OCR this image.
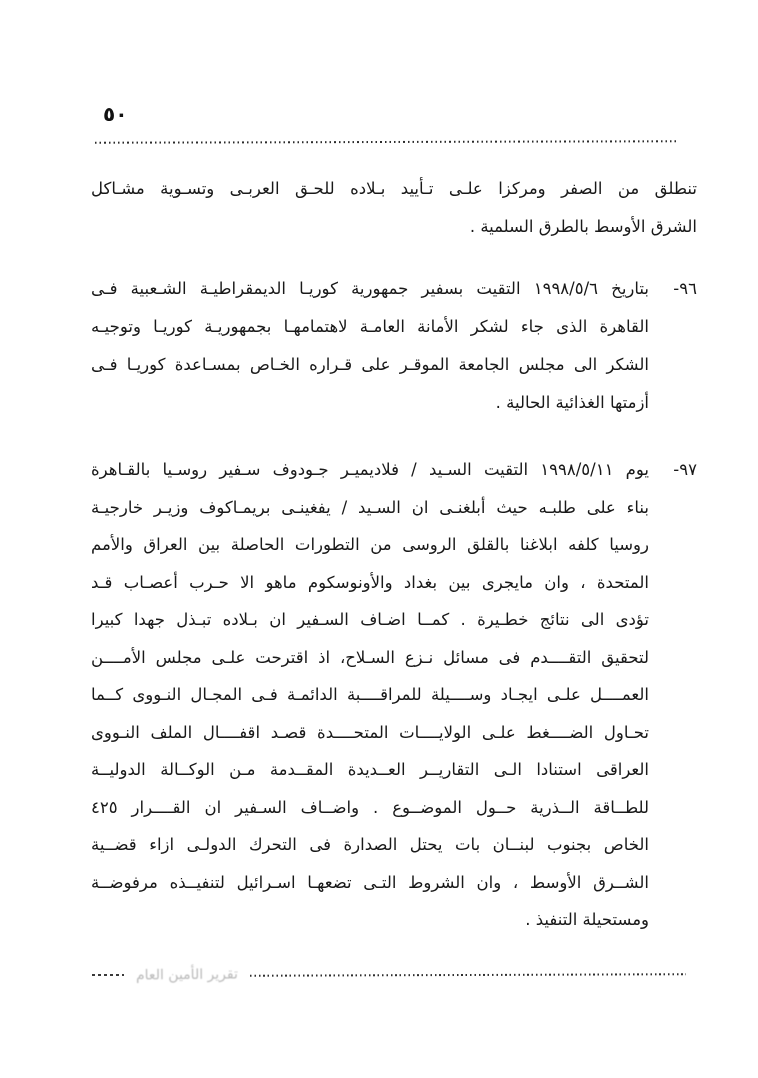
٥٠
تنطلق من الصفر ومركزا علـى تـأييد بـلاده للحـق العربـى وتسـوية مشـاكل
الشرق الأوسط بالطرق السلمية .
٩٦-
بتاريخ ١٩٩٨/٥/٦ التقيت بسفير جمهورية كوريـا الديمقراطيـة الشـعبية فـى
القاهرة الذى جاء لشكر الأمانة العامـة لاهتمامهـا بجمهوريـة كوريـا وتوجيـه
الشكر الى مجلس الجامعة الموقـر على قـراره الخـاص بمسـاعدة كوريـا فـى
أزمتها الغذائية الحالية .
٩٧-
يوم ١٩٩٨/٥/١١ التقيت السـيد / فلاديميـر جـودوف سـفير روسـيا بالقـاهرة
بناء على طلبـه حيث أبلغنـى ان السـيد / يفغينـى بريمـاكوف وزيـر خارجيـة
روسيا كلفه ابلاغنا بالقلق الروسى من التطورات الحاصلة بين العراق والأمم
المتحدة ، وان مايجرى بين بغداد والأونوسكوم ماهو الا حـرب أعصـاب قـد
تؤدى الى نتائج خطـيرة . كمــا اضـاف السـفير ان بـلاده تبـذل جهدا كبيرا
لتحقيق التقــــدم فى مسائل نـزع السـلاح، اذ اقترحت علـى مجلس الأمــــن
العمــــل علـى ايجـاد وســــيلة للمراقــــبة الدائمـة فـى المجـال النـووى كــما
تحـاول الضــــغط علـى الولايــــات المتحــــدة قصـد اقفــــال الملف النـووى
العراقى استنادا الـى التقاريــر العــديدة المقــدمة مـن الوكــالة الدوليــة
للطــاقة الــذرية حــول الموضــوع . واضــاف السـفير ان القــــرار ٤٢٥
الخاص بجنوب لبنــان بات يحتل الصدارة فى التحرك الدولـى ازاء قضــية
الشــرق الأوسط ، وان الشروط التـى تضعهـا اسـرائيل لتنفيــذه مرفوضــة
ومستحيلة التنفيذ .
تقرير الأمين العام
